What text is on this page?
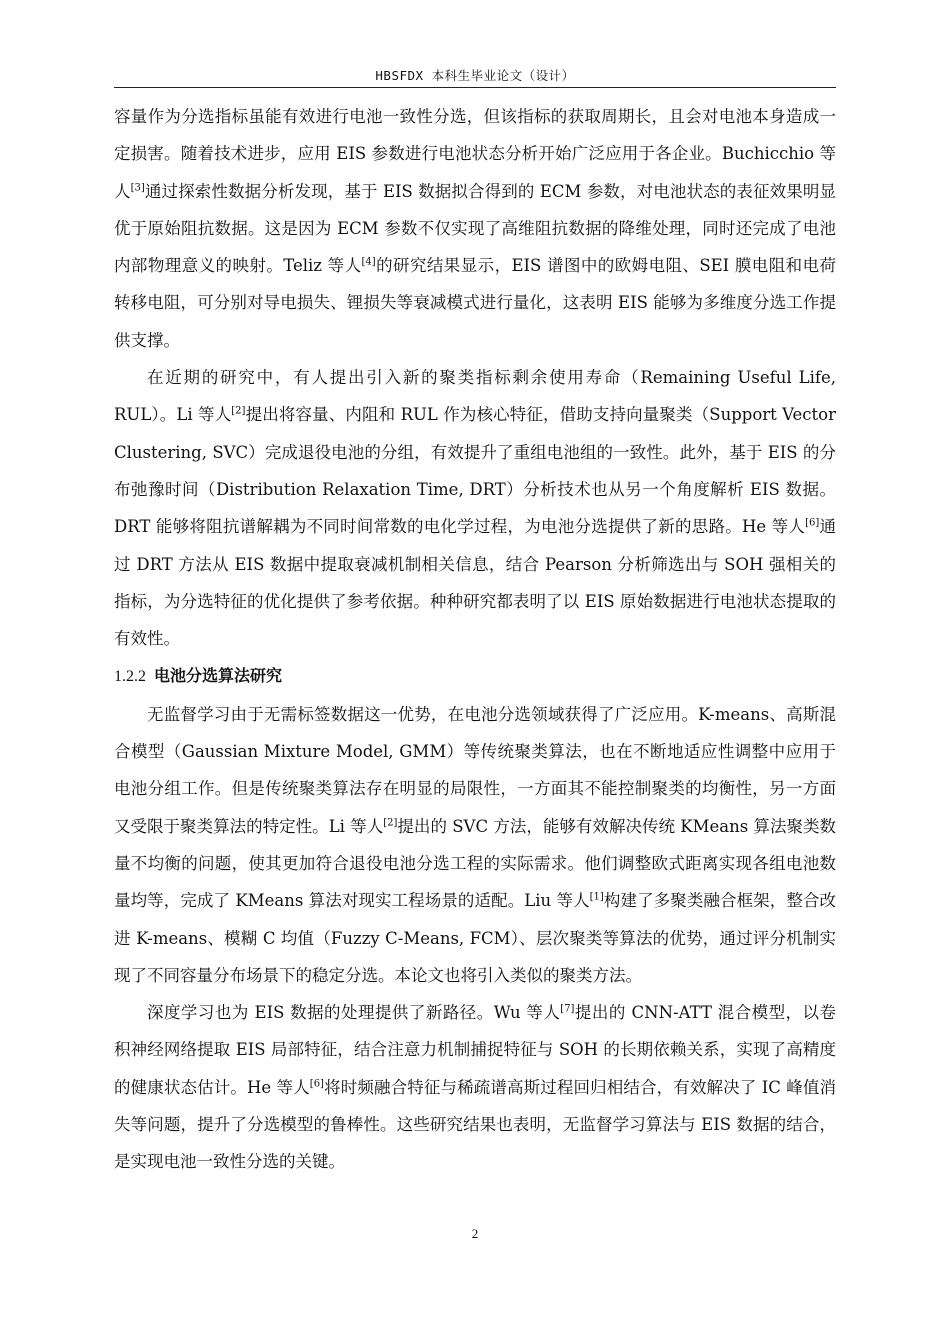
HBSFDX 本科生毕业论文（设计）

容量作为分选指标虽能有效进行电池一致性分选，但该指标的获取周期长，且会对电池本身造成一定损害。随着技术进步，应用 EIS 参数进行电池状态分析开始广泛应用于各企业。Buchicchio 等人[3]通过探索性数据分析发现，基于 EIS 数据拟合得到的 ECM 参数，对电池状态的表征效果明显优于原始阻抗数据。这是因为 ECM 参数不仅实现了高维阻抗数据的降维处理，同时还完成了电池内部物理意义的映射。Teliz 等人[4]的研究结果显示，EIS 谱图中的欧姆电阻、SEI 膜电阻和电荷转移电阻，可分别对导电损失、锂损失等衰减模式进行量化，这表明 EIS 能够为多维度分选工作提供支撑。

在近期的研究中，有人提出引入新的聚类指标剩余使用寿命（Remaining Useful Life, RUL）。Li 等人[2]提出将容量、内阻和 RUL 作为核心特征，借助支持向量聚类（Support Vector Clustering, SVC）完成退役电池的分组，有效提升了重组电池组的一致性。此外，基于 EIS 的分布弛豫时间（Distribution Relaxation Time, DRT）分析技术也从另一个角度解析 EIS 数据。DRT 能够将阻抗谱解耦为不同时间常数的电化学过程，为电池分选提供了新的思路。He 等人[6]通过 DRT 方法从 EIS 数据中提取衰减机制相关信息，结合 Pearson 分析筛选出与 SOH 强相关的指标，为分选特征的优化提供了参考依据。种种研究都表明了以 EIS 原始数据进行电池状态提取的有效性。

1.2.2 电池分选算法研究

无监督学习由于无需标签数据这一优势，在电池分选领域获得了广泛应用。K-means、高斯混合模型（Gaussian Mixture Model, GMM）等传统聚类算法，也在不断地适应性调整中应用于电池分组工作。但是传统聚类算法存在明显的局限性，一方面其不能控制聚类的均衡性，另一方面又受限于聚类算法的特定性。Li 等人[2]提出的 SVC 方法，能够有效解决传统 KMeans 算法聚类数量不均衡的问题，使其更加符合退役电池分选工程的实际需求。他们调整欧式距离实现各组电池数量均等，完成了 KMeans 算法对现实工程场景的适配。Liu 等人[1]构建了多聚类融合框架，整合改进 K-means、模糊 C 均值（Fuzzy C-Means, FCM）、层次聚类等算法的优势，通过评分机制实现了不同容量分布场景下的稳定分选。本论文也将引入类似的聚类方法。

深度学习也为 EIS 数据的处理提供了新路径。Wu 等人[7]提出的 CNN-ATT 混合模型，以卷积神经网络提取 EIS 局部特征，结合注意力机制捕捉特征与 SOH 的长期依赖关系，实现了高精度的健康状态估计。He 等人[6]将时频融合特征与稀疏谱高斯过程回归相结合，有效解决了 IC 峰值消失等问题，提升了分选模型的鲁棒性。这些研究结果也表明，无监督学习算法与 EIS 数据的结合，是实现电池一致性分选的关键。

2
